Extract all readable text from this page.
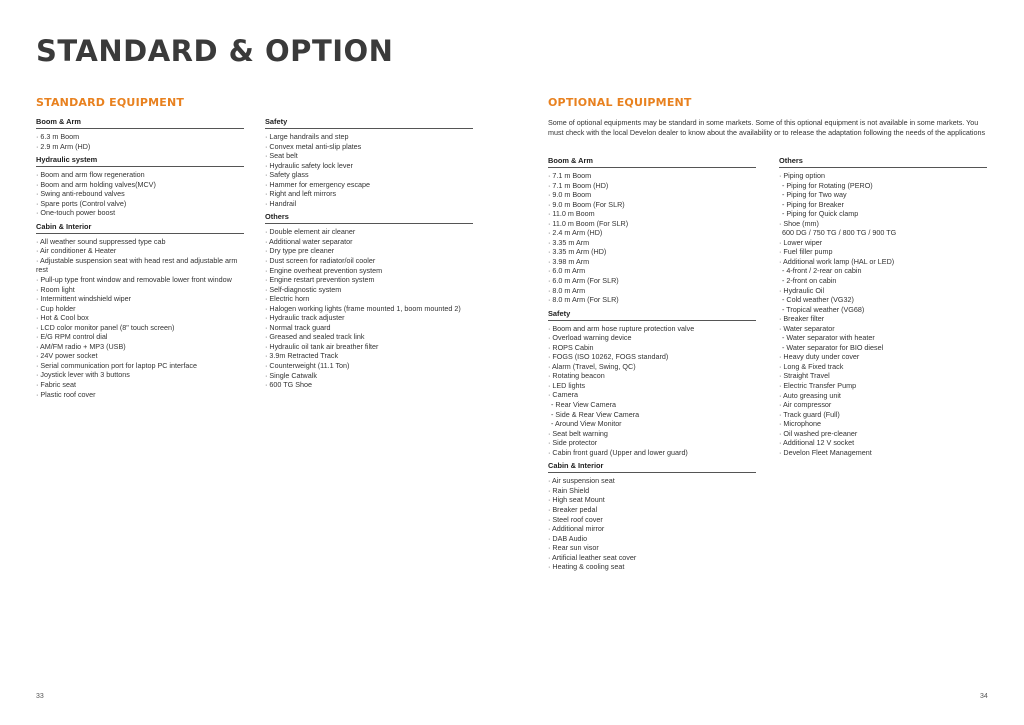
STANDARD & OPTION
STANDARD EQUIPMENT	OPTIONAL EQUIPMENT

Some of optional equipments may be standard in some markets. Some of this optional equipment is not available in some markets. You must check with the local Develon dealer to know about the availability or to release the adaptation following the needs of the applications

Boom & Arm
· 6.3 m Boom
· 2.9 m Arm (HD)
Hydraulic system
· Boom and arm flow regeneration
· Boom and arm holding valves(MCV)
· Swing anti-rebound valves
· Spare ports (Control valve)
· One-touch power boost
Cabin & Interior
· All weather sound suppressed type cab
· Air conditioner & Heater
· Adjustable suspension seat with head rest and adjustable arm rest
· Pull-up type front window and removable lower front window
· Room light
· Intermittent windshield wiper
· Cup holder
· Hot & Cool box
· LCD color monitor panel (8" touch screen)
· E/G RPM control dial
· AM/FM radio + MP3 (USB)
· 24V power socket
· Serial communication port for laptop PC interface
· Joystick lever with 3 buttons
· Fabric seat
· Plastic roof cover
Safety
· Large handrails and step
· Convex metal anti-slip plates
· Seat belt
· Hydraulic safety lock lever
· Safety glass
· Hammer for emergency escape
· Right and left mirrors
· Handrail
Others
· Double element air cleaner
· Additional water separator
· Dry type pre cleaner
· Dust screen for radiator/oil cooler
· Engine overheat prevention system
· Engine restart prevention system
· Self-diagnostic system
· Electric horn
· Halogen working lights (frame mounted 1, boom mounted 2)
· Hydraulic track adjuster
· Normal track guard
· Greased and sealed track link
· Hydraulic oil tank air breather filter
· 3.9m Retracted Track
· Counterweight (11.1 Ton)
· Single Catwalk
· 600 TG Shoe
Boom & Arm
· 7.1 m Boom
· 7.1 m Boom (HD)
· 9.0 m Boom
· 9.0 m Boom (For SLR)
· 11.0 m Boom
· 11.0 m Boom (For SLR)
· 2.4 m Arm (HD)
· 3.35 m Arm
· 3.35 m Arm (HD)
· 3.98 m Arm
· 6.0 m Arm
· 6.0 m Arm (For SLR)
· 8.0 m Arm
· 8.0 m Arm (For SLR)
Safety
· Boom and arm hose rupture protection valve
· Overload warning device
· ROPS Cabin
· FOGS (ISO 10262, FOGS standard)
· Alarm (Travel, Swing, QC)
· Rotating beacon
· LED lights
· Camera
- Rear View Camera
- Side & Rear View Camera
- Around View Monitor
· Seat belt warning
· Side protector
· Cabin front guard (Upper and lower guard)
Cabin & Interior
· Air suspension seat
· Rain Shield
· High seat Mount
· Breaker pedal
· Steel roof cover
· Additional mirror
· DAB Audio
· Rear sun visor
· Artificial leather seat cover
· Heating & cooling seat
Others
· Piping option
- Piping for Rotating (PERO)
- Piping for Two way
- Piping for Breaker
- Piping for Quick clamp
· Shoe (mm)
600 DG / 750 TG / 800 TG / 900 TG
· Lower wiper
· Fuel filler pump
· Additional work lamp (HAL or LED)
- 4-front / 2-rear on cabin
- 2-front on cabin
· Hydraulic Oil
- Cold weather (VG32)
- Tropical weather (VG68)
· Breaker filter
· Water separator
- Water separator with heater
- Water separator for BIO diesel
· Heavy duty under cover
· Long & Fixed track
· Straight Travel
· Electric Transfer Pump
· Auto greasing unit
· Air compressor
· Track guard (Full)
· Microphone
· Oil washed pre-cleaner
· Additional 12 V socket
· Develon Fleet Management
33	34
